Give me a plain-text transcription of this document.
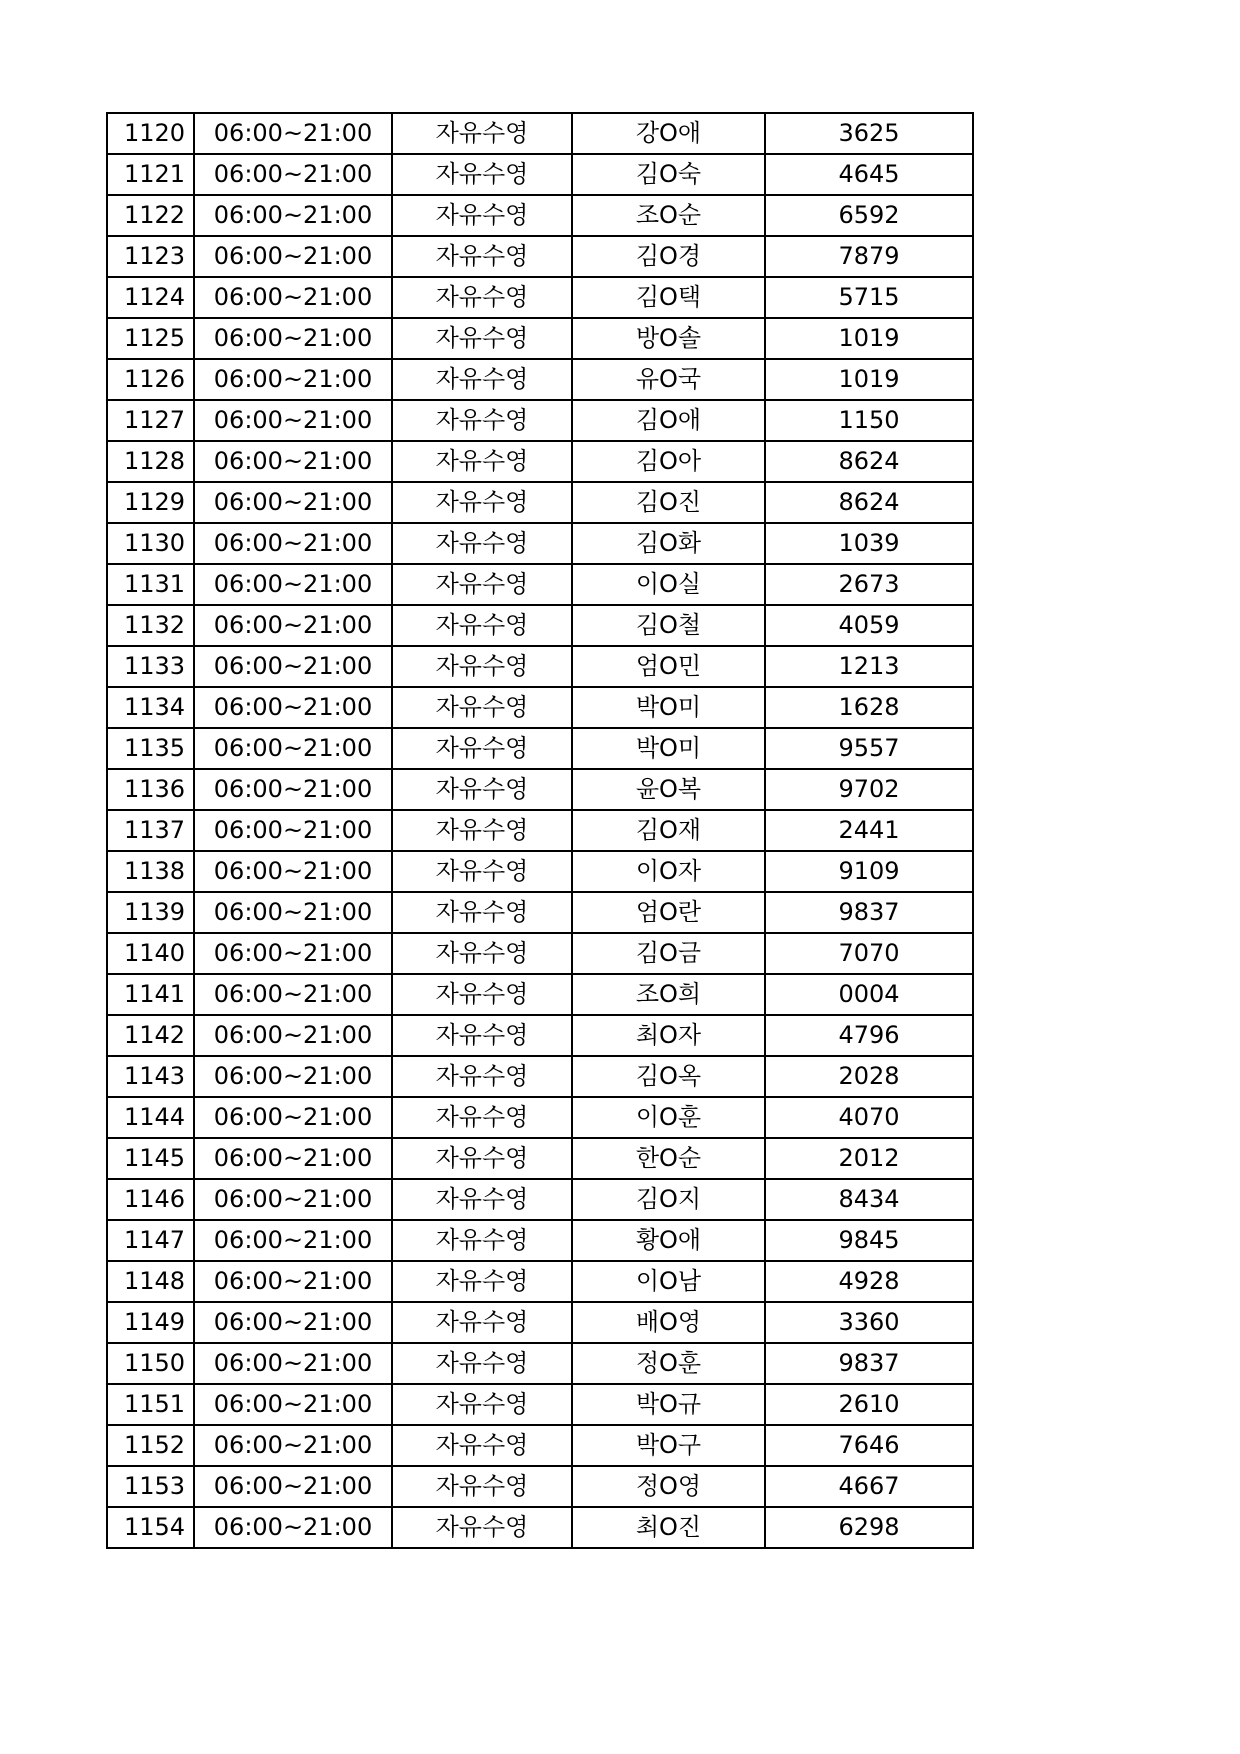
1120	06:00~21:00	자유수영	강O애	3625
1121	06:00~21:00	자유수영	김O숙	4645
1122	06:00~21:00	자유수영	조O순	6592
1123	06:00~21:00	자유수영	김O경	7879
1124	06:00~21:00	자유수영	김O택	5715
1125	06:00~21:00	자유수영	방O솔	1019
1126	06:00~21:00	자유수영	유O국	1019
1127	06:00~21:00	자유수영	김O애	1150
1128	06:00~21:00	자유수영	김O아	8624
1129	06:00~21:00	자유수영	김O진	8624
1130	06:00~21:00	자유수영	김O화	1039
1131	06:00~21:00	자유수영	이O실	2673
1132	06:00~21:00	자유수영	김O철	4059
1133	06:00~21:00	자유수영	엄O민	1213
1134	06:00~21:00	자유수영	박O미	1628
1135	06:00~21:00	자유수영	박O미	9557
1136	06:00~21:00	자유수영	윤O복	9702
1137	06:00~21:00	자유수영	김O재	2441
1138	06:00~21:00	자유수영	이O자	9109
1139	06:00~21:00	자유수영	엄O란	9837
1140	06:00~21:00	자유수영	김O금	7070
1141	06:00~21:00	자유수영	조O희	0004
1142	06:00~21:00	자유수영	최O자	4796
1143	06:00~21:00	자유수영	김O옥	2028
1144	06:00~21:00	자유수영	이O훈	4070
1145	06:00~21:00	자유수영	한O순	2012
1146	06:00~21:00	자유수영	김O지	8434
1147	06:00~21:00	자유수영	황O애	9845
1148	06:00~21:00	자유수영	이O남	4928
1149	06:00~21:00	자유수영	배O영	3360
1150	06:00~21:00	자유수영	정O훈	9837
1151	06:00~21:00	자유수영	박O규	2610
1152	06:00~21:00	자유수영	박O구	7646
1153	06:00~21:00	자유수영	정O영	4667
1154	06:00~21:00	자유수영	최O진	6298
